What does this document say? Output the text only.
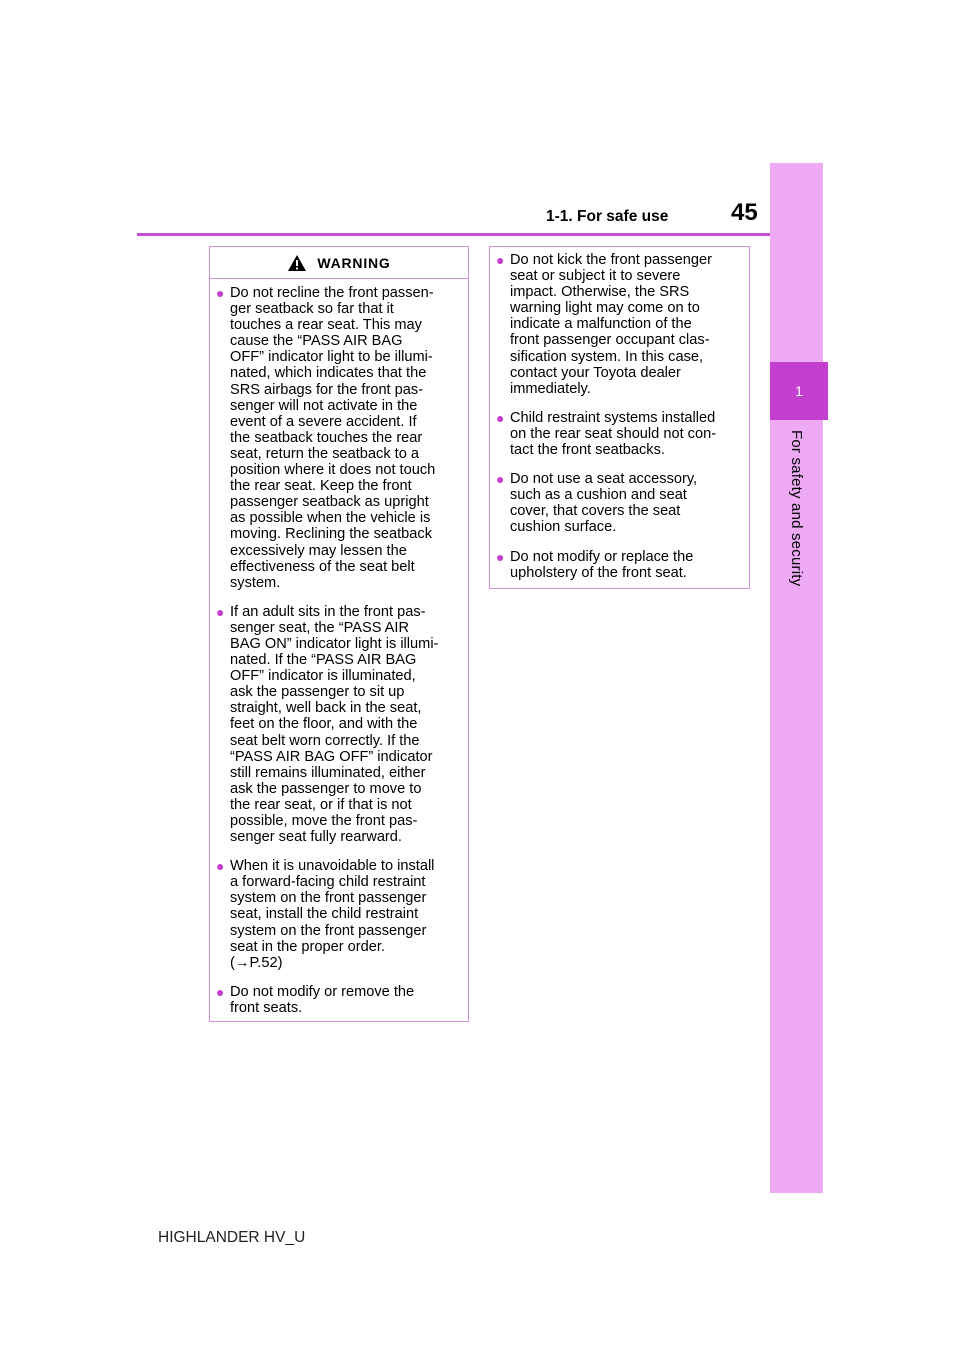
1
For safety and security
1-1. For safe use	45
WARNING
● Do not recline the front passen-
ger seatback so far that it
touches a rear seat. This may
cause the “PASS AIR BAG
OFF” indicator light to be illumi-
nated, which indicates that the
SRS airbags for the front pas-
senger will not activate in the
event of a severe accident. If
the seatback touches the rear
seat, return the seatback to a
position where it does not touch
the rear seat. Keep the front
passenger seatback as upright
as possible when the vehicle is
moving. Reclining the seatback
excessively may lessen the
effectiveness of the seat belt
system.
● If an adult sits in the front pas-
senger seat, the “PASS AIR
BAG ON” indicator light is illumi-
nated. If the “PASS AIR BAG
OFF” indicator is illuminated,
ask the passenger to sit up
straight, well back in the seat,
feet on the floor, and with the
seat belt worn correctly. If the
“PASS AIR BAG OFF” indicator
still remains illuminated, either
ask the passenger to move to
the rear seat, or if that is not
possible, move the front pas-
senger seat fully rearward.
● When it is unavoidable to install
a forward-facing child restraint
system on the front passenger
seat, install the child restraint
system on the front passenger
seat in the proper order.
(→P.52)
● Do not modify or remove the
front seats.
● Do not kick the front passenger
seat or subject it to severe
impact. Otherwise, the SRS
warning light may come on to
indicate a malfunction of the
front passenger occupant clas-
sification system. In this case,
contact your Toyota dealer
immediately.
● Child restraint systems installed
on the rear seat should not con-
tact the front seatbacks.
● Do not use a seat accessory,
such as a cushion and seat
cover, that covers the seat
cushion surface.
● Do not modify or replace the
upholstery of the front seat.
HIGHLANDER HV_U
